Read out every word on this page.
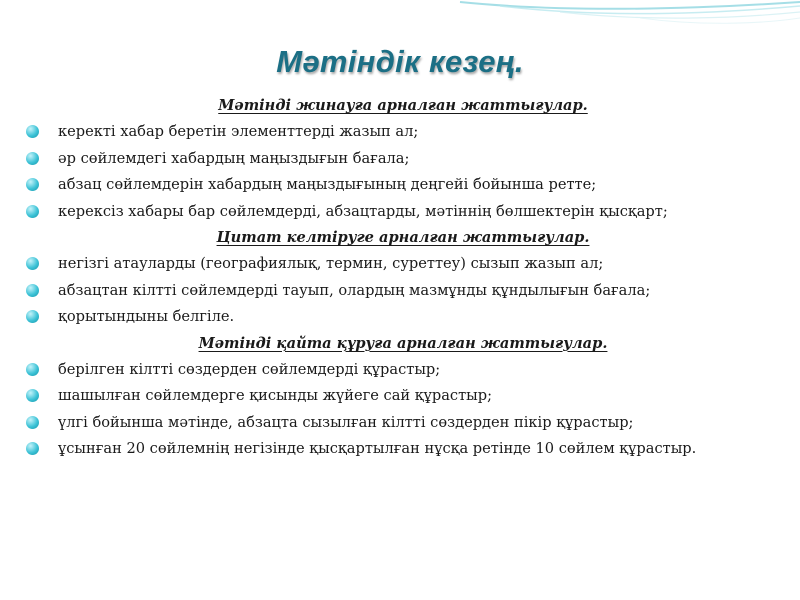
Мәтіндік кезең.
Мәтінді жинауға арналған жаттығулар.
керекті хабар беретін элементтерді жазып ал;
әр сөйлемдегі хабардың маңыздығын бағала;
абзац сөйлемдерін хабардың маңыздығының деңгейі бойынша ретте;
керексіз хабары бар сөйлемдерді, абзацтарды, мәтіннің бөлшектерін қысқарт;
Цитат келтіруге арналған жаттығулар.
негізгі атауларды (географиялық, термин, суреттеу) сызып жазып ал;
абзацтан кілтті сөйлемдерді тауып, олардың мазмұнды құндылығын бағала;
қорытындыны белгіле.
Мәтінді қайта құруға арналған жаттығулар.
берілген кілтті сөздерден сөйлемдерді құрастыр;
шашылған сөйлемдерге қисынды жүйеге сай құрастыр;
үлгі бойынша мәтінде, абзацта сызылған кілтті сөздерден пікір құрастыр;
ұсынған 20 сөйлемнің негізінде қысқартылған нұсқа ретінде 10 сөйлем құрастыр.
